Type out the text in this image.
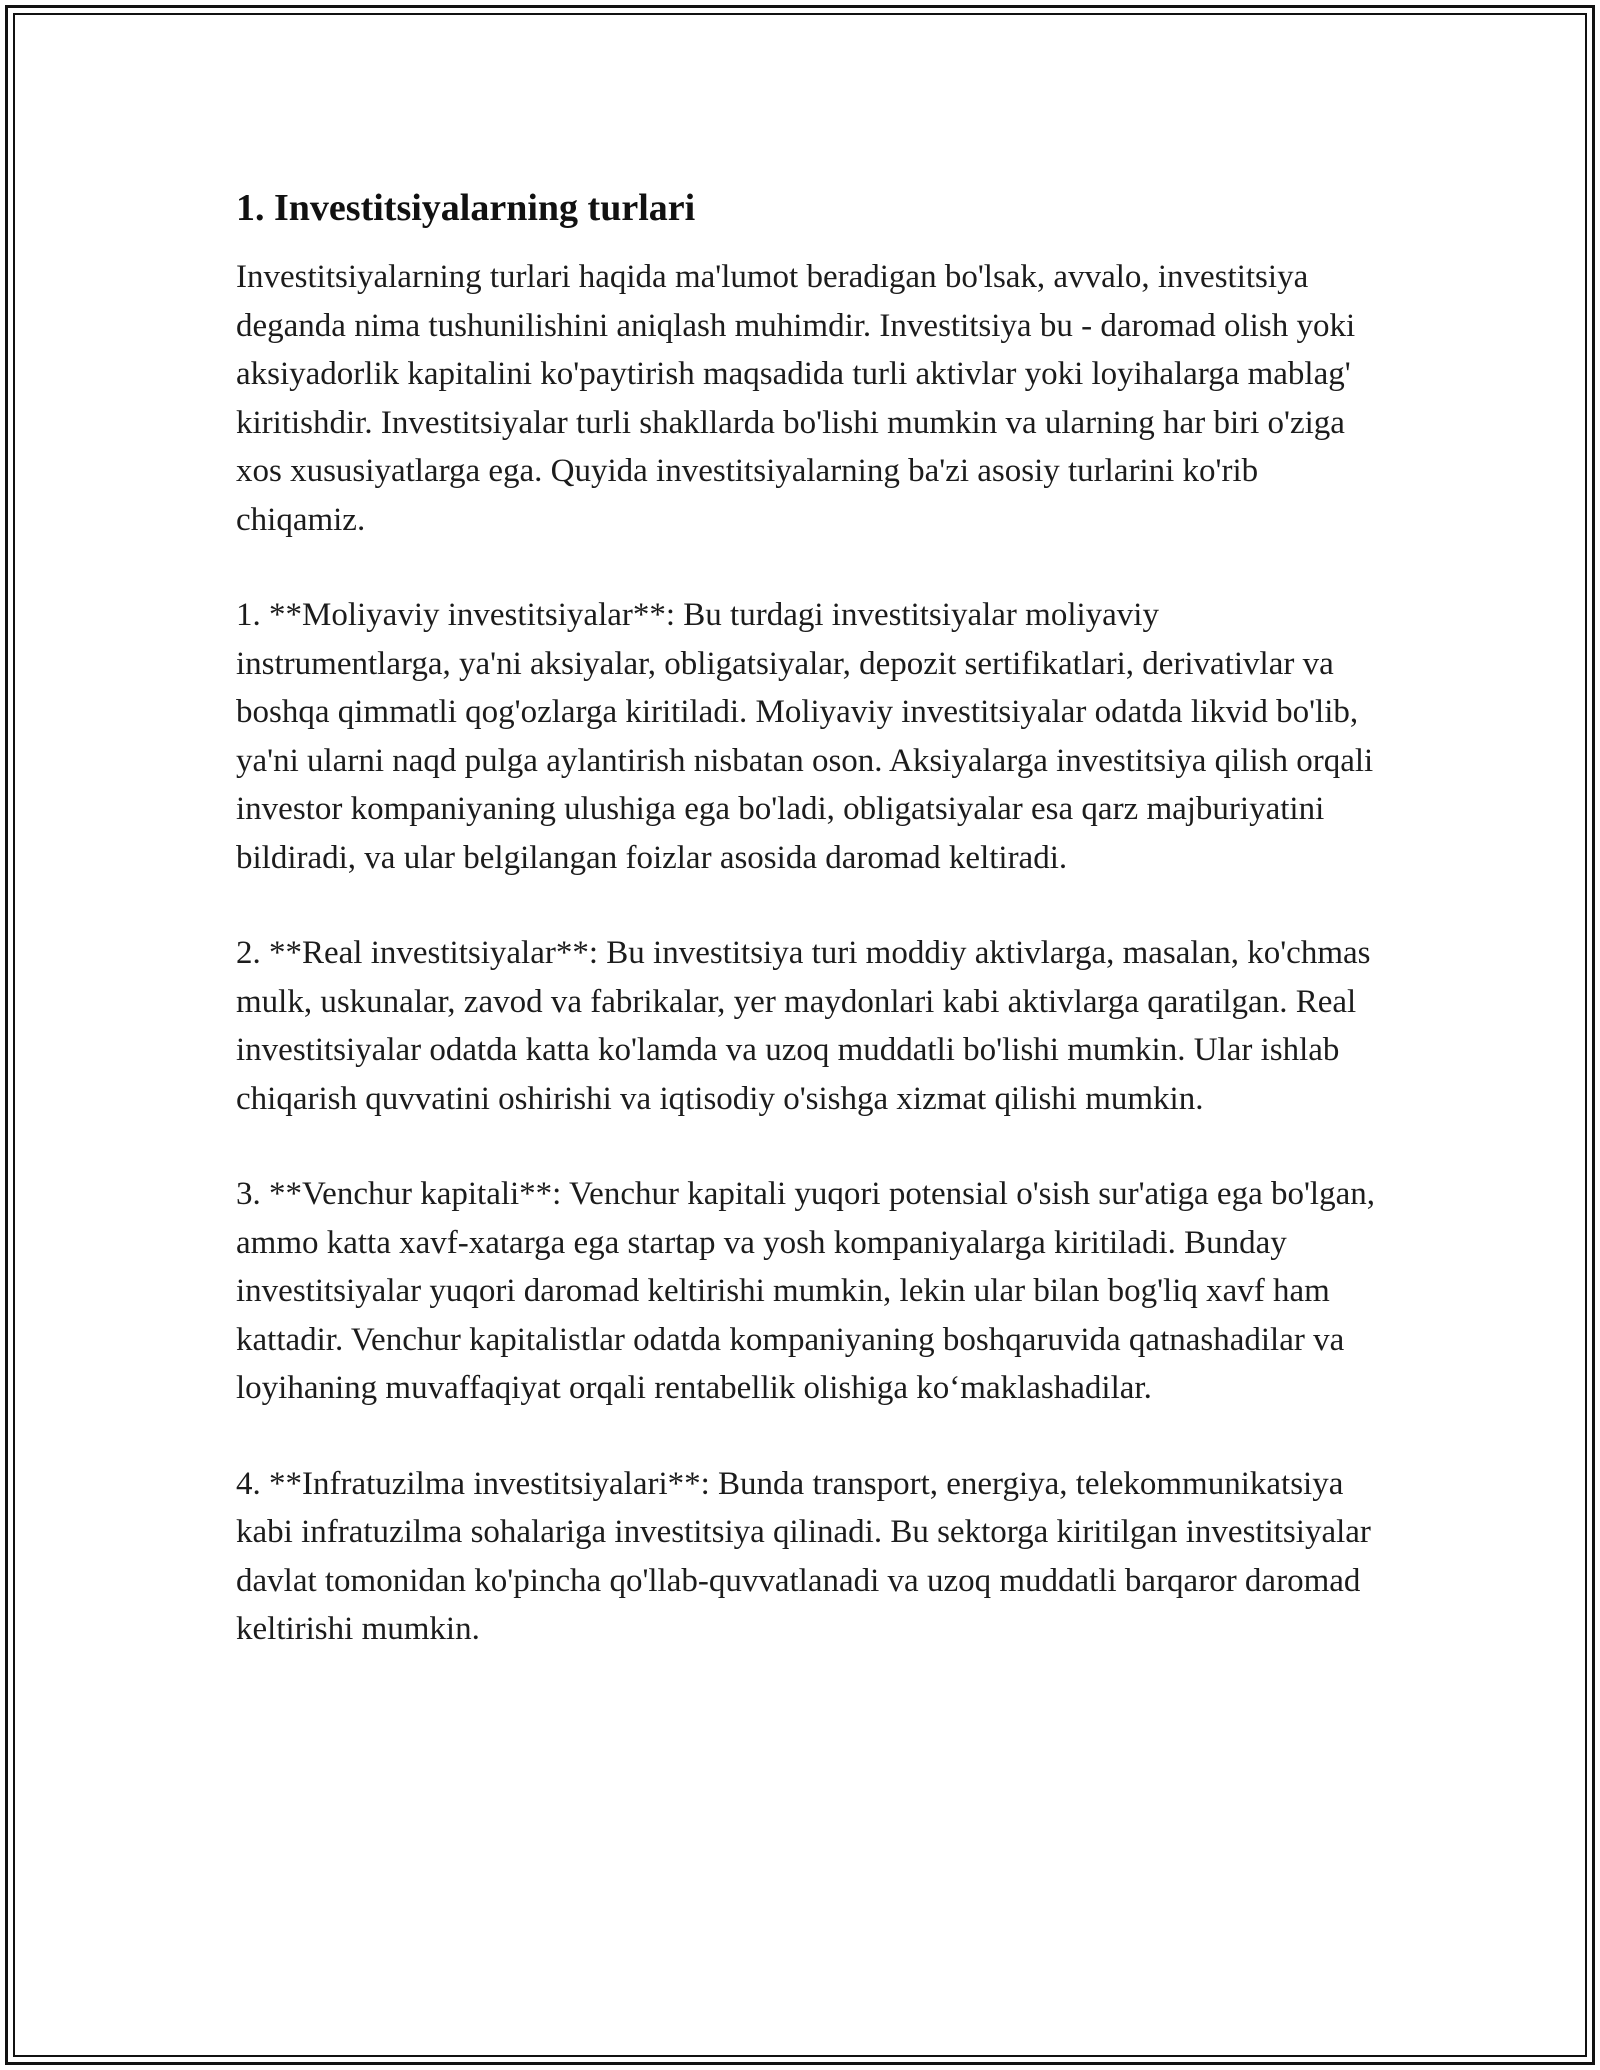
1. Investitsiyalarning turlari

Investitsiyalarning turlari haqida ma'lumot beradigan bo'lsak, avvalo, investitsiya deganda nima tushunilishini aniqlash muhimdir. Investitsiya bu - daromad olish yoki aksiyadorlik kapitalini ko'paytirish maqsadida turli aktivlar yoki loyihalarga mablag' kiritishdir. Investitsiyalar turli shakllarda bo'lishi mumkin va ularning har biri o'ziga xos xususiyatlarga ega. Quyida investitsiyalarning ba'zi asosiy turlarini ko'rib chiqamiz.

1. **Moliyaviy investitsiyalar**: Bu turdagi investitsiyalar moliyaviy instrumentlarga, ya'ni aksiyalar, obligatsiyalar, depozit sertifikatlari, derivativlar va boshqa qimmatli qog'ozlarga kiritiladi. Moliyaviy investitsiyalar odatda likvid bo'lib, ya'ni ularni naqd pulga aylantirish nisbatan oson. Aksiyalarga investitsiya qilish orqali investor kompaniyaning ulushiga ega bo'ladi, obligatsiyalar esa qarz majburiyatini bildiradi, va ular belgilangan foizlar asosida daromad keltiradi.

2. **Real investitsiyalar**: Bu investitsiya turi moddiy aktivlarga, masalan, ko'chmas mulk, uskunalar, zavod va fabrikalar, yer maydonlari kabi aktivlarga qaratilgan. Real investitsiyalar odatda katta ko'lamda va uzoq muddatli bo'lishi mumkin. Ular ishlab chiqarish quvvatini oshirishi va iqtisodiy o'sishga xizmat qilishi mumkin.

3. **Venchur kapitali**: Venchur kapitali yuqori potensial o'sish sur'atiga ega bo'lgan, ammo katta xavf-xatarga ega startap va yosh kompaniyalarga kiritiladi. Bunday investitsiyalar yuqori daromad keltirishi mumkin, lekin ular bilan bog'liq xavf ham kattadir. Venchur kapitalistlar odatda kompaniyaning boshqaruvida qatnashadilar va loyihaning muvaffaqiyat orqali rentabellik olishiga ko‘maklashadilar.

4. **Infratuzilma investitsiyalari**: Bunda transport, energiya, telekommunikatsiya kabi infratuzilma sohalariga investitsiya qilinadi. Bu sektorga kiritilgan investitsiyalar davlat tomonidan ko'pincha qo'llab-quvvatlanadi va uzoq muddatli barqaror daromad keltirishi mumkin.
